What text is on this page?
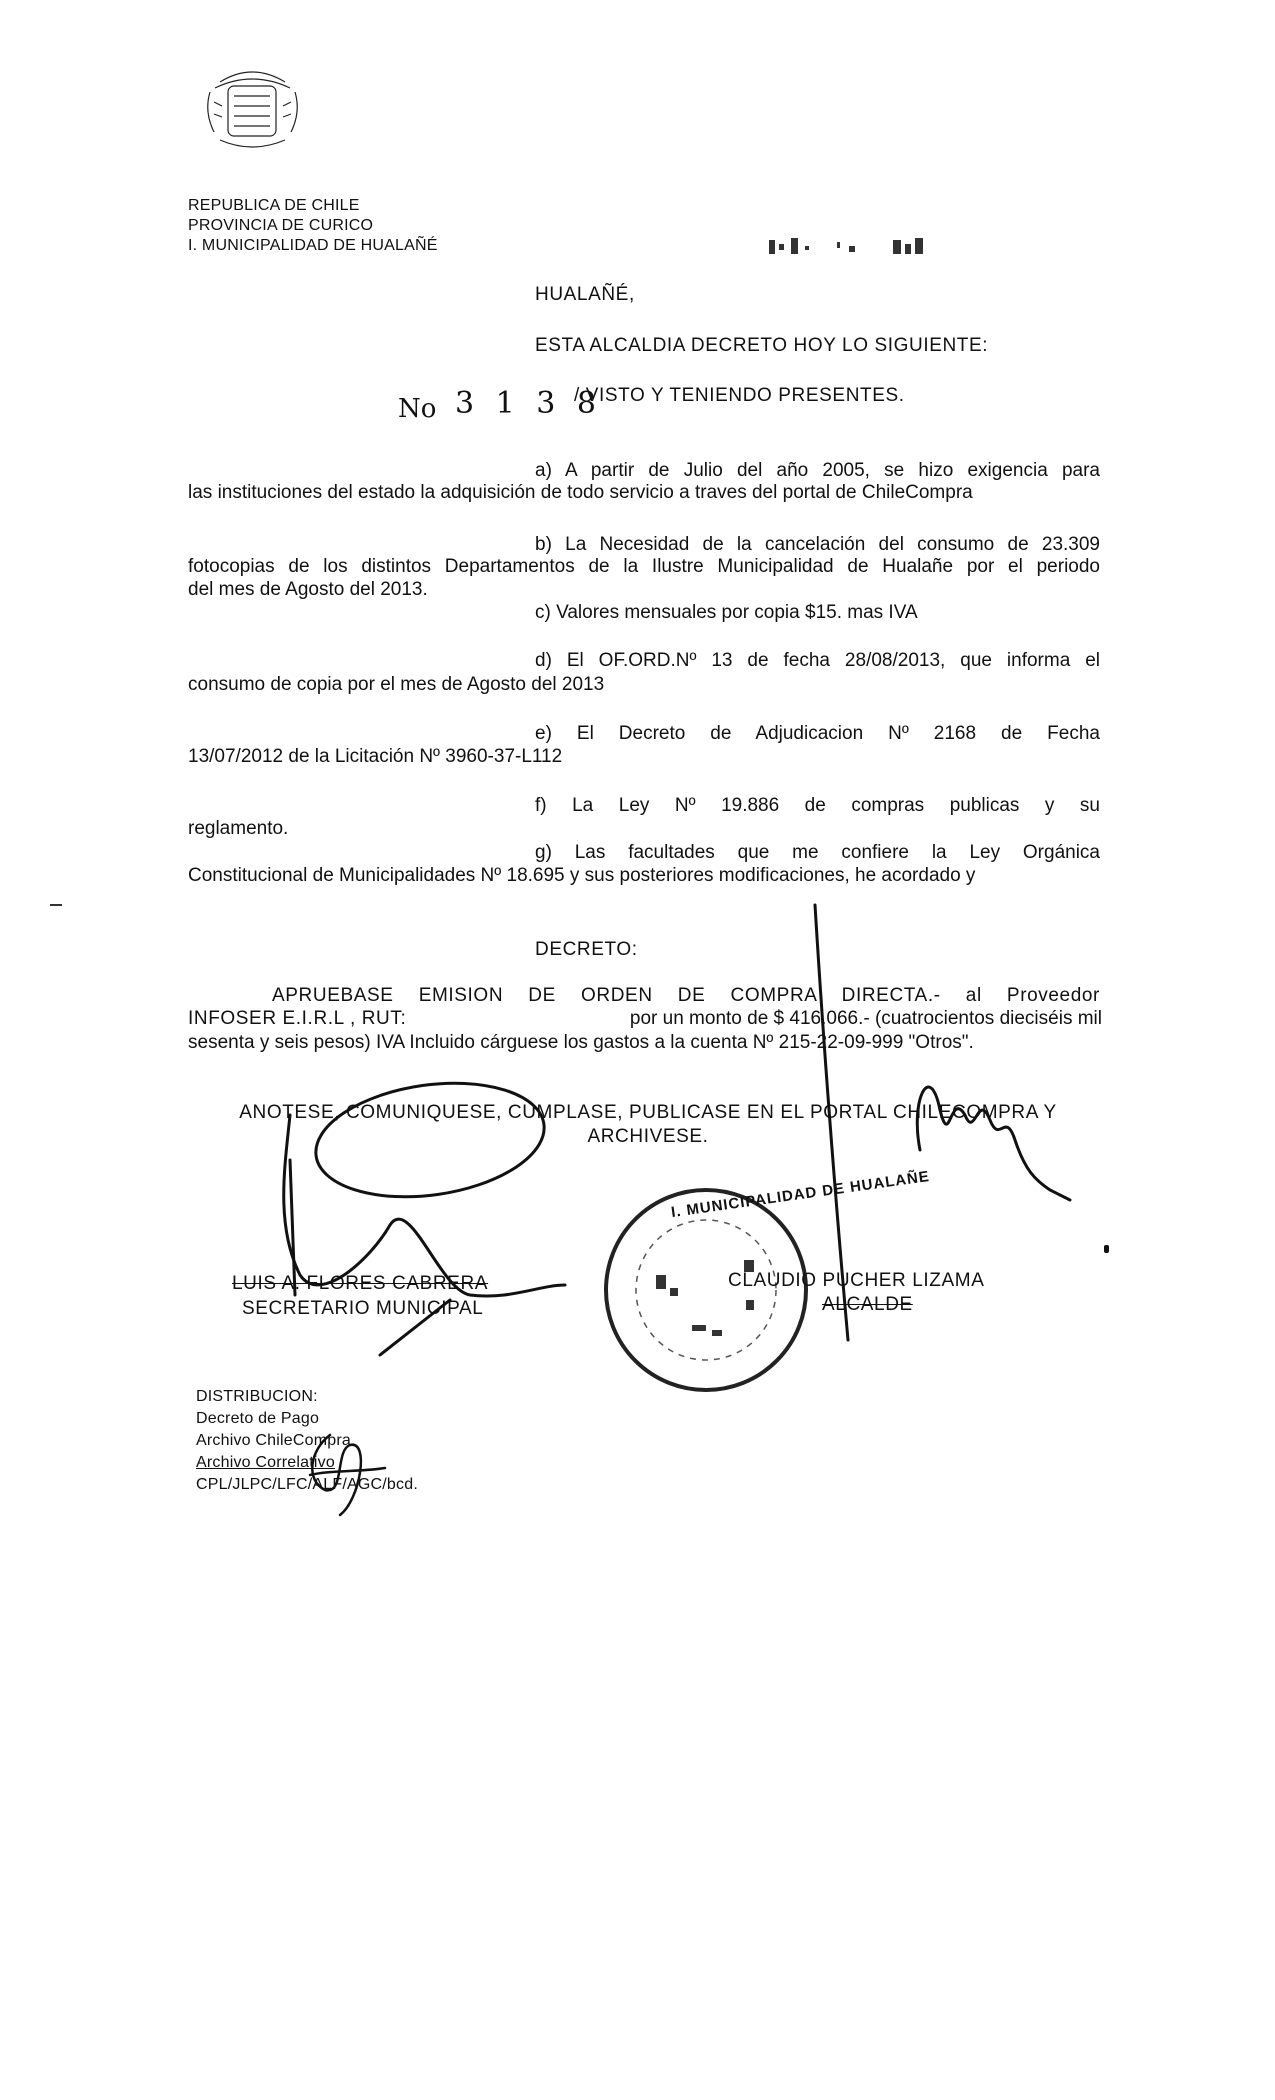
REPUBLICA DE CHILE
PROVINCIA DE CURICO
I. MUNICIPALIDAD DE HUALAÑÉ
HUALAÑÉ,
ESTA ALCALDIA DECRETO HOY LO SIGUIENTE:
No 3 1 3 8
/ VISTO Y TENIENDO PRESENTES.
a) A partir de Julio del año 2005, se hizo exigencia para
las instituciones del estado la adquisición de todo servicio a traves del portal de ChileCompra
b) La Necesidad de la cancelación del consumo de 23.309
fotocopias de los distintos Departamentos de la Ilustre Municipalidad de Hualañe por el periodo
del mes de Agosto del 2013.
c) Valores mensuales por copia $15. mas IVA
d) El OF.ORD.Nº 13 de fecha 28/08/2013, que informa el
consumo de copia por el mes de Agosto del 2013
e) El Decreto de Adjudicacion Nº 2168 de Fecha
13/07/2012 de la Licitación Nº 3960-37-L112
f) La Ley Nº 19.886 de compras publicas y su
reglamento.
g) Las facultades que me confiere la Ley Orgánica
Constitucional de Municipalidades Nº 18.695 y sus posteriores modificaciones, he acordado y
DECRETO:
APRUEBASE EMISION DE ORDEN DE COMPRA DIRECTA.- al Proveedor
INFOSER E.I.R.L , RUT:	por un monto de $ 416.066.- (cuatrocientos dieciséis mil
sesenta y seis pesos) IVA Incluido cárguese los gastos a la cuenta Nº 215-22-09-999 "Otros".
ANOTESE, COMUNIQUESE, CUMPLASE, PUBLICASE EN EL PORTAL CHILECOMPRA Y
ARCHIVESE.
I. MUNICIPALIDAD DE HUALAÑE
LUIS A. FLORES CABRERA
SECRETARIO MUNICIPAL
CLAUDIO PUCHER LIZAMA
ALCALDE
DISTRIBUCION:
Decreto de Pago
Archivo ChileCompra
Archivo Correlativo
CPL/JLPC/LFC/ALF/AGC/bcd.
